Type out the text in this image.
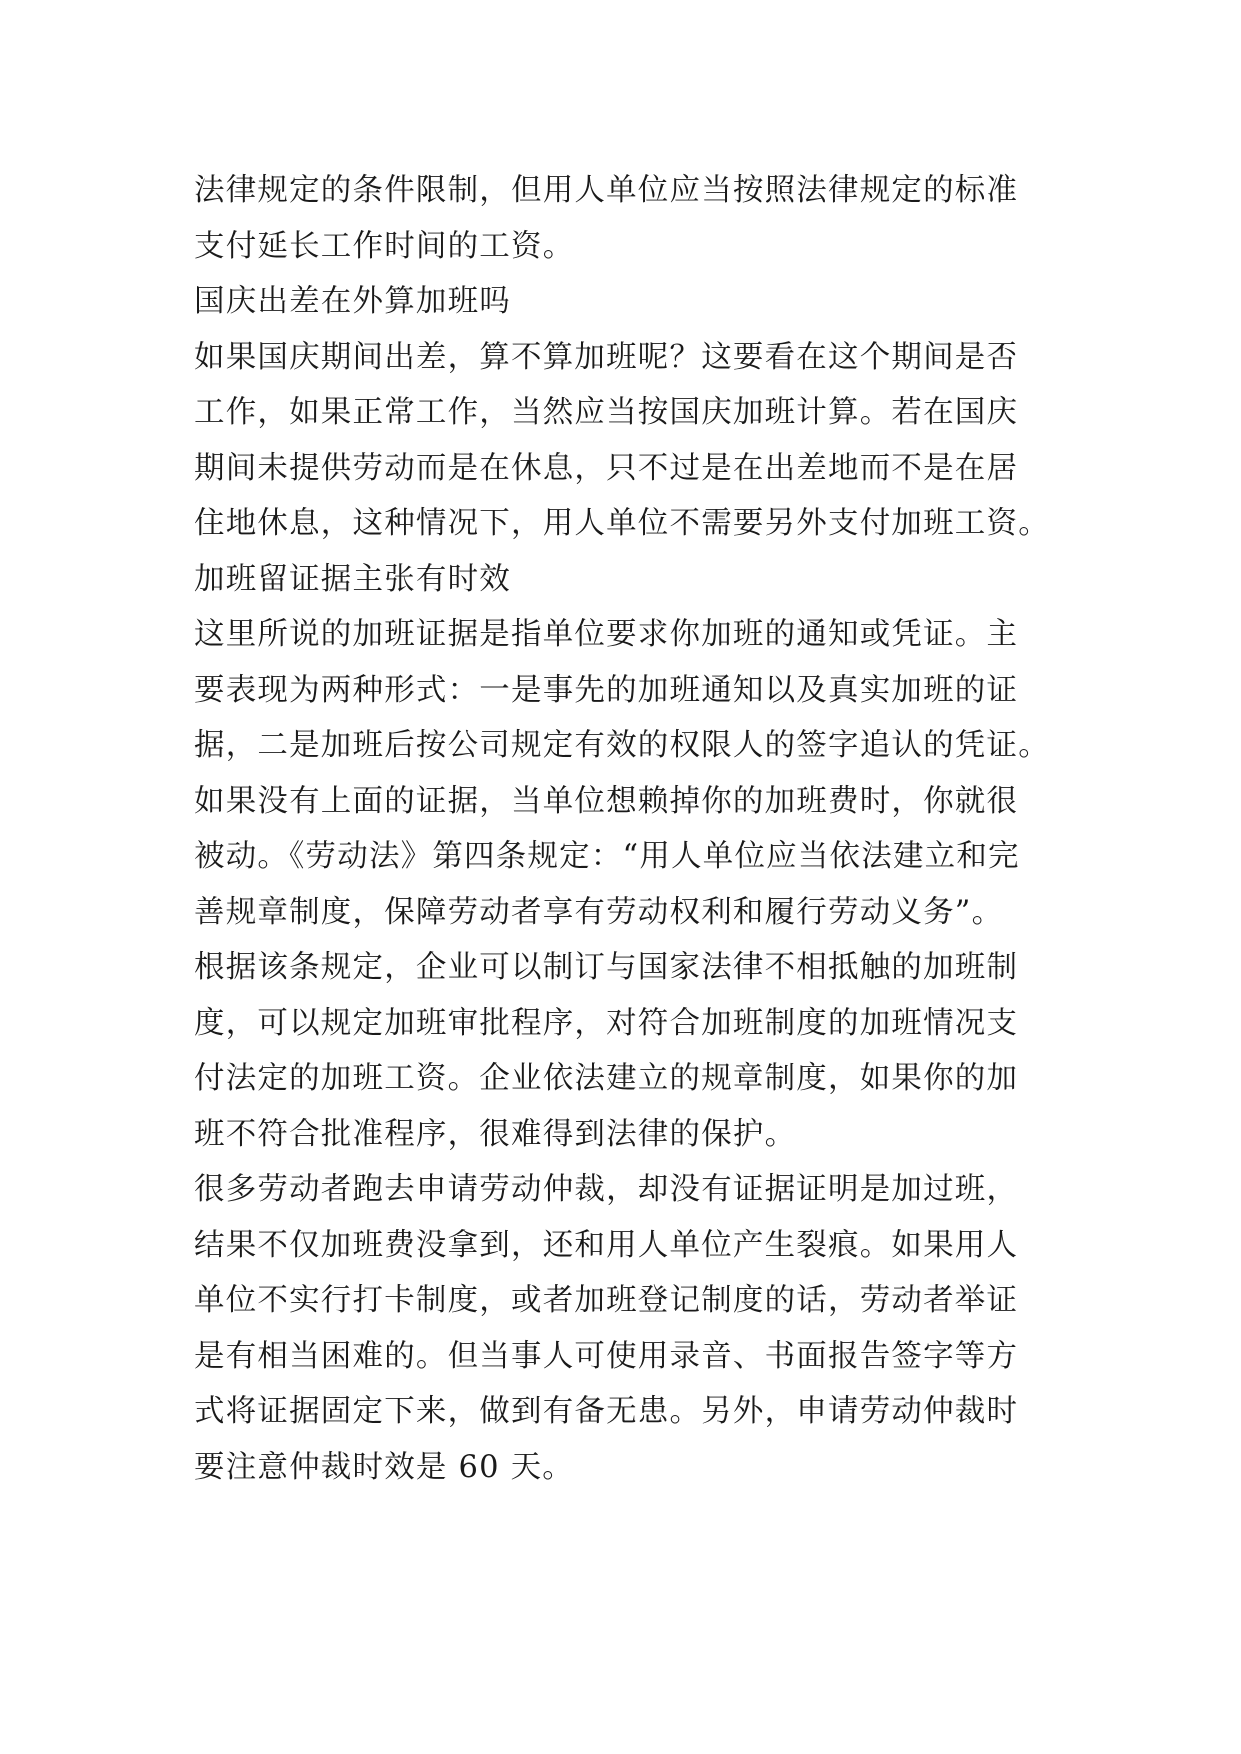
法律规定的条件限制，但用人单位应当按照法律规定的标准
支付延长工作时间的工资。
国庆出差在外算加班吗
如果国庆期间出差，算不算加班呢？这要看在这个期间是否
工作，如果正常工作，当然应当按国庆加班计算。若在国庆
期间未提供劳动而是在休息，只不过是在出差地而不是在居
住地休息，这种情况下，用人单位不需要另外支付加班工资。
加班留证据主张有时效
这里所说的加班证据是指单位要求你加班的通知或凭证。主
要表现为两种形式：一是事先的加班通知以及真实加班的证
据，二是加班后按公司规定有效的权限人的签字追认的凭证。
如果没有上面的证据，当单位想赖掉你的加班费时，你就很
被动。《劳动法》第四条规定：“用人单位应当依法建立和完
善规章制度，保障劳动者享有劳动权利和履行劳动义务”。
根据该条规定，企业可以制订与国家法律不相抵触的加班制
度，可以规定加班审批程序，对符合加班制度的加班情况支
付法定的加班工资。企业依法建立的规章制度，如果你的加
班不符合批准程序，很难得到法律的保护。
很多劳动者跑去申请劳动仲裁，却没有证据证明是加过班，
结果不仅加班费没拿到，还和用人单位产生裂痕。如果用人
单位不实行打卡制度，或者加班登记制度的话，劳动者举证
是有相当困难的。但当事人可使用录音、书面报告签字等方
式将证据固定下来，做到有备无患。另外，申请劳动仲裁时
要注意仲裁时效是 60 天。
